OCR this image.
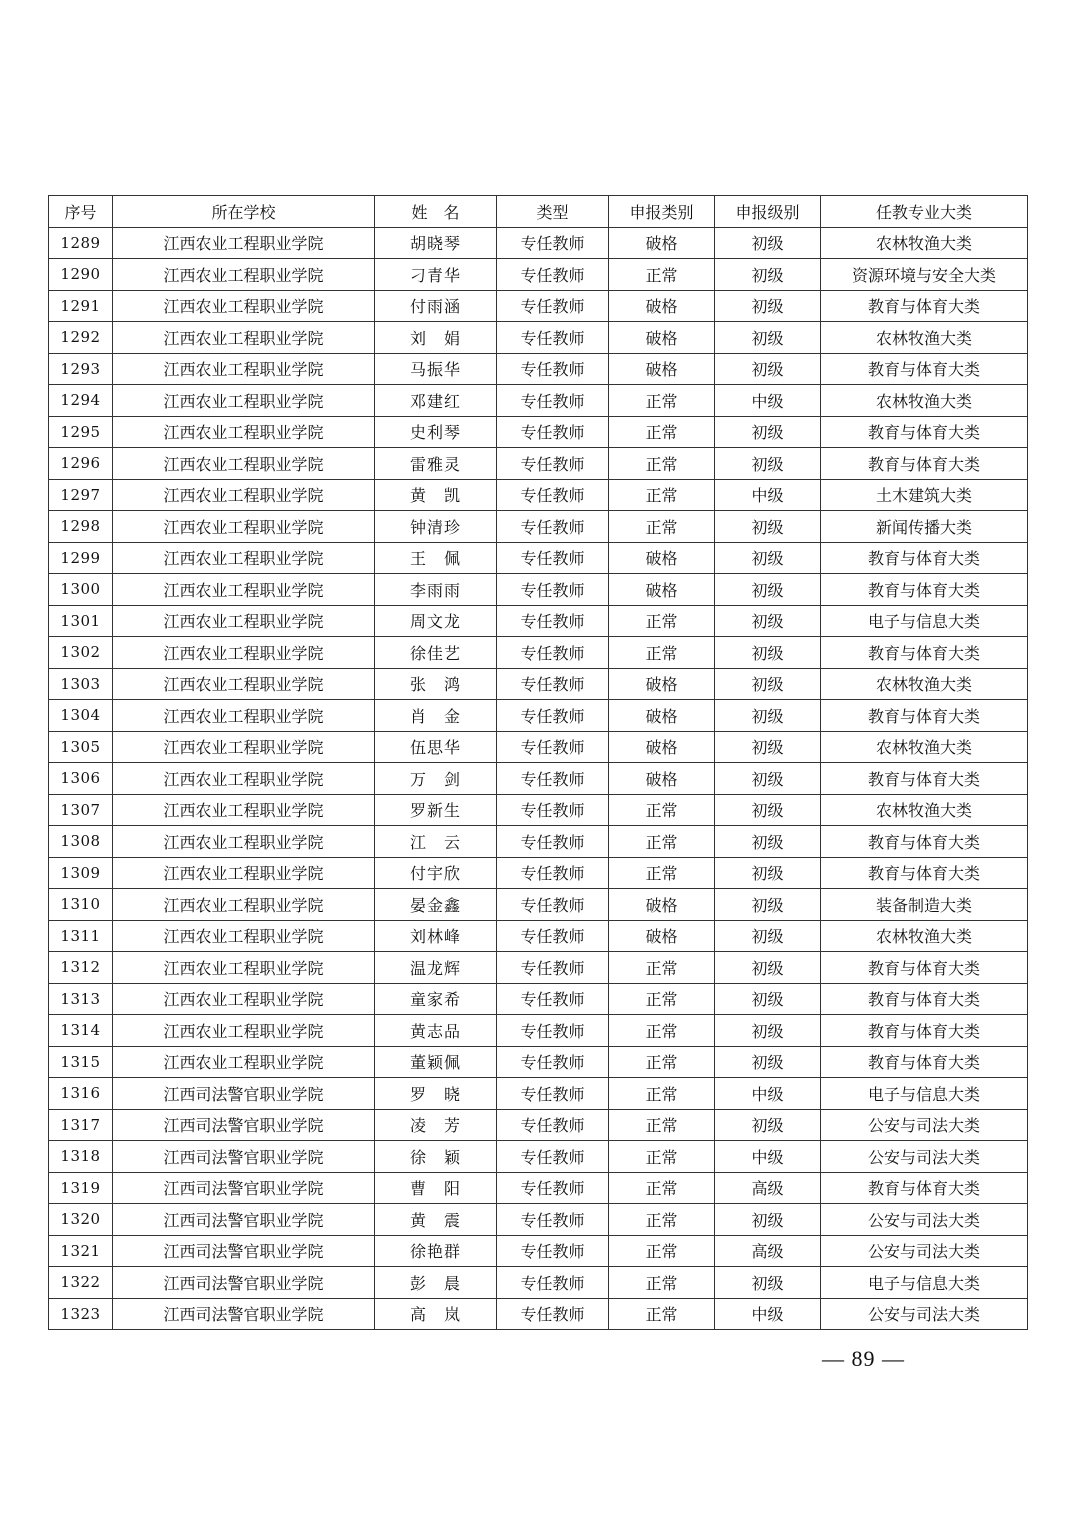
序号	所在学校	姓　名	类型	申报类别	申报级别	任教专业大类
1289	江西农业工程职业学院	胡晓琴	专任教师	破格	初级	农林牧渔大类
1290	江西农业工程职业学院	刁青华	专任教师	正常	初级	资源环境与安全大类
1291	江西农业工程职业学院	付雨涵	专任教师	破格	初级	教育与体育大类
1292	江西农业工程职业学院	刘　娟	专任教师	破格	初级	农林牧渔大类
1293	江西农业工程职业学院	马振华	专任教师	破格	初级	教育与体育大类
1294	江西农业工程职业学院	邓建红	专任教师	正常	中级	农林牧渔大类
1295	江西农业工程职业学院	史利琴	专任教师	正常	初级	教育与体育大类
1296	江西农业工程职业学院	雷雅灵	专任教师	正常	初级	教育与体育大类
1297	江西农业工程职业学院	黄　凯	专任教师	正常	中级	土木建筑大类
1298	江西农业工程职业学院	钟清珍	专任教师	正常	初级	新闻传播大类
1299	江西农业工程职业学院	王　佩	专任教师	破格	初级	教育与体育大类
1300	江西农业工程职业学院	李雨雨	专任教师	破格	初级	教育与体育大类
1301	江西农业工程职业学院	周文龙	专任教师	正常	初级	电子与信息大类
1302	江西农业工程职业学院	徐佳艺	专任教师	正常	初级	教育与体育大类
1303	江西农业工程职业学院	张　鸿	专任教师	破格	初级	农林牧渔大类
1304	江西农业工程职业学院	肖　金	专任教师	破格	初级	教育与体育大类
1305	江西农业工程职业学院	伍思华	专任教师	破格	初级	农林牧渔大类
1306	江西农业工程职业学院	万　剑	专任教师	破格	初级	教育与体育大类
1307	江西农业工程职业学院	罗新生	专任教师	正常	初级	农林牧渔大类
1308	江西农业工程职业学院	江　云	专任教师	正常	初级	教育与体育大类
1309	江西农业工程职业学院	付宇欣	专任教师	正常	初级	教育与体育大类
1310	江西农业工程职业学院	晏金鑫	专任教师	破格	初级	装备制造大类
1311	江西农业工程职业学院	刘林峰	专任教师	破格	初级	农林牧渔大类
1312	江西农业工程职业学院	温龙辉	专任教师	正常	初级	教育与体育大类
1313	江西农业工程职业学院	童家希	专任教师	正常	初级	教育与体育大类
1314	江西农业工程职业学院	黄志品	专任教师	正常	初级	教育与体育大类
1315	江西农业工程职业学院	董颖佩	专任教师	正常	初级	教育与体育大类
1316	江西司法警官职业学院	罗　晓	专任教师	正常	中级	电子与信息大类
1317	江西司法警官职业学院	凌　芳	专任教师	正常	初级	公安与司法大类
1318	江西司法警官职业学院	徐　颖	专任教师	正常	中级	公安与司法大类
1319	江西司法警官职业学院	曹　阳	专任教师	正常	高级	教育与体育大类
1320	江西司法警官职业学院	黄　震	专任教师	正常	初级	公安与司法大类
1321	江西司法警官职业学院	徐艳群	专任教师	正常	高级	公安与司法大类
1322	江西司法警官职业学院	彭　晨	专任教师	正常	初级	电子与信息大类
1323	江西司法警官职业学院	高　岚	专任教师	正常	中级	公安与司法大类
— 89 —
